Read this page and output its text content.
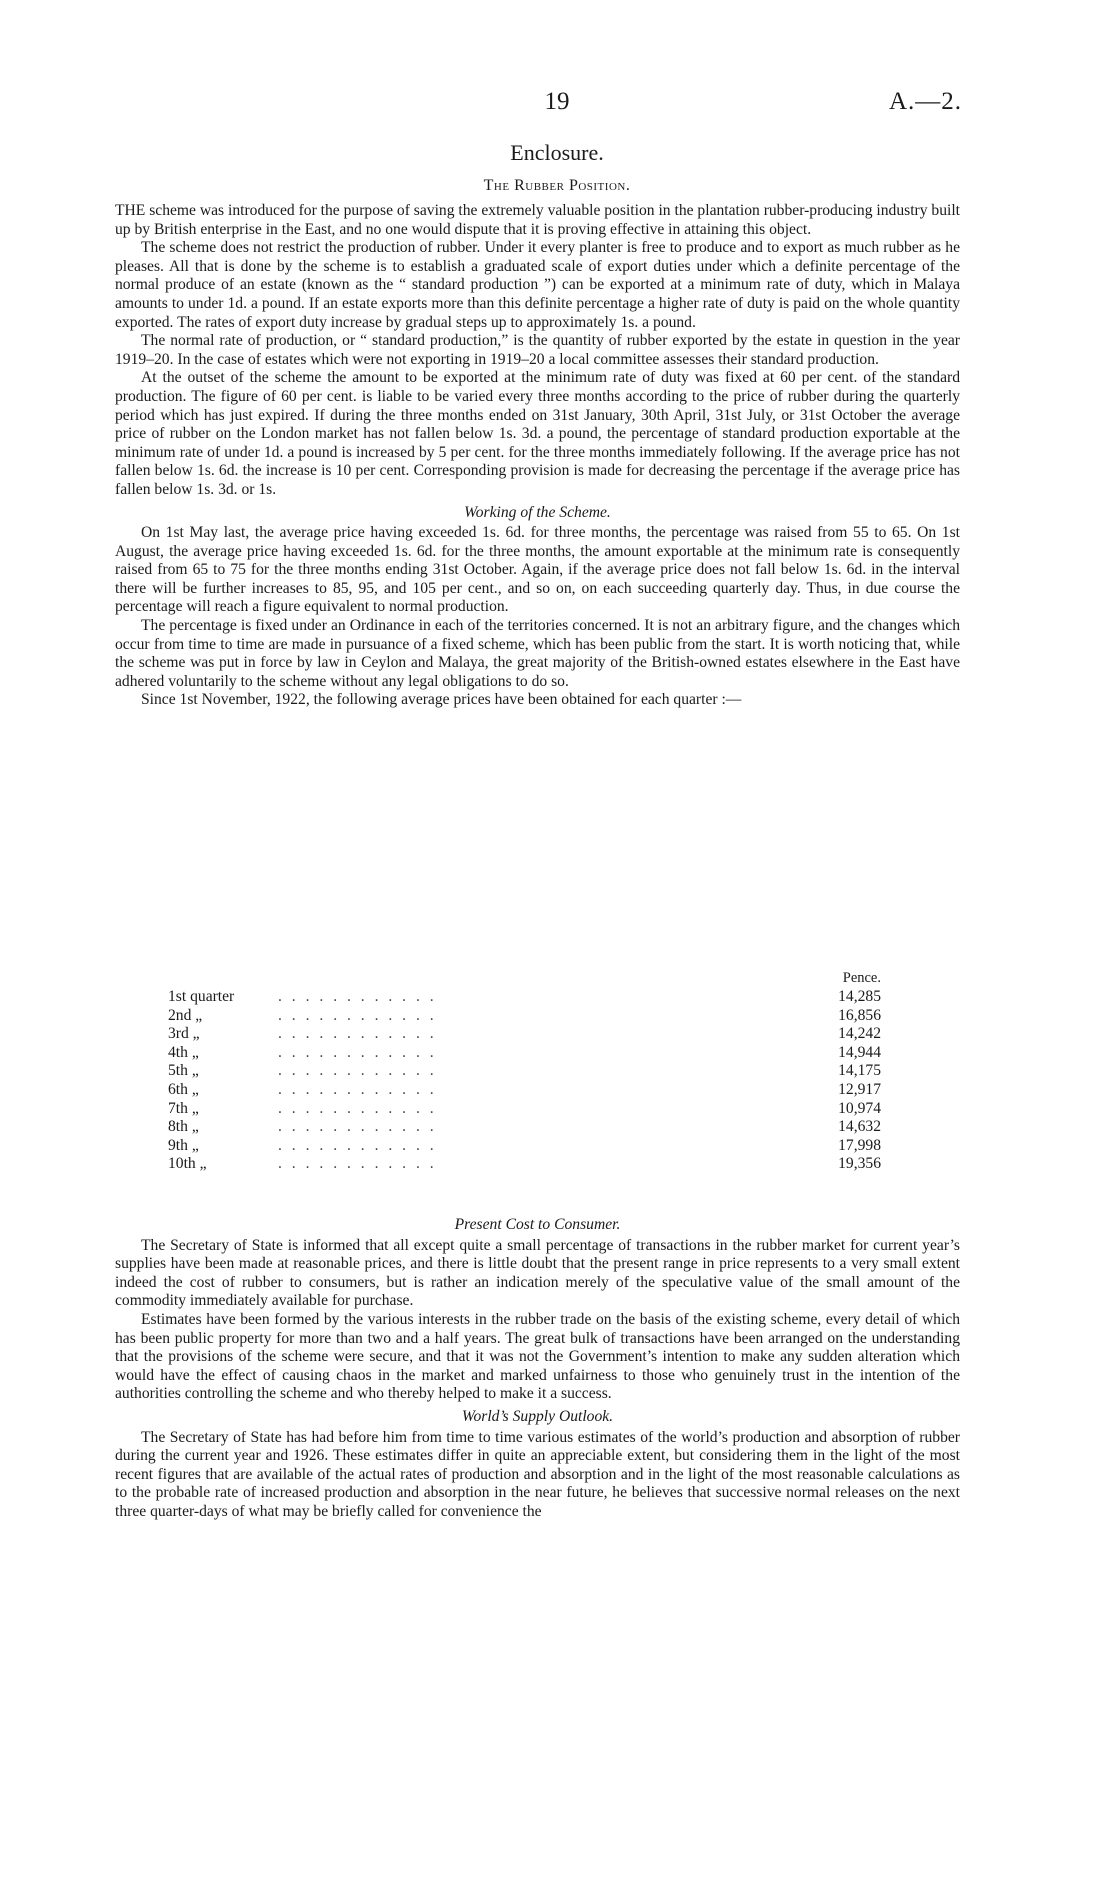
19	A.—2.
Enclosure.
The Rubber Position.

THE scheme was introduced for the purpose of saving the extremely valuable position in the plantation rubber-producing industry built up by British enterprise in the East, and no one would dispute that it is proving effective in attaining this object.

The scheme does not restrict the production of rubber. Under it every planter is free to produce and to export as much rubber as he pleases. All that is done by the scheme is to establish a graduated scale of export duties under which a definite percentage of the normal produce of an estate (known as the “ standard production ”) can be exported at a minimum rate of duty, which in Malaya amounts to under 1d. a pound. If an estate exports more than this definite percentage a higher rate of duty is paid on the whole quantity exported. The rates of export duty increase by gradual steps up to approximately 1s. a pound.

The normal rate of production, or “ standard production,” is the quantity of rubber exported by the estate in question in the year 1919–20. In the case of estates which were not exporting in 1919–20 a local committee assesses their standard production.

At the outset of the scheme the amount to be exported at the minimum rate of duty was fixed at 60 per cent. of the standard production. The figure of 60 per cent. is liable to be varied every three months according to the price of rubber during the quarterly period which has just expired. If during the three months ended on 31st January, 30th April, 31st July, or 31st October the average price of rubber on the London market has not fallen below 1s. 3d. a pound, the percentage of standard production exportable at the minimum rate of under 1d. a pound is increased by 5 per cent. for the three months immediately following. If the average price has not fallen below 1s. 6d. the increase is 10 per cent. Corresponding provision is made for decreasing the percentage if the average price has fallen below 1s. 3d. or 1s.

Working of the Scheme.

On 1st May last, the average price having exceeded 1s. 6d. for three months, the percentage was raised from 55 to 65. On 1st August, the average price having exceeded 1s. 6d. for the three months, the amount exportable at the minimum rate is consequently raised from 65 to 75 for the three months ending 31st October. Again, if the average price does not fall below 1s. 6d. in the interval there will be further increases to 85, 95, and 105 per cent., and so on, on each succeeding quarterly day. Thus, in due course the percentage will reach a figure equivalent to normal production.

The percentage is fixed under an Ordinance in each of the territories concerned. It is not an arbitrary figure, and the changes which occur from time to time are made in pursuance of a fixed scheme, which has been public from the start. It is worth noticing that, while the scheme was put in force by law in Ceylon and Malaya, the great majority of the British-owned estates elsewhere in the East have adhered voluntarily to the scheme without any legal obligations to do so.

Since 1st November, 1922, the following average prices have been obtained for each quarter :—

Pence.		
1st quarter	. . . . . . . . . . . .	14,285
2nd „	. . . . . . . . . . . .	16,856
3rd „	. . . . . . . . . . . .	14,242
4th „	. . . . . . . . . . . .	14,944
5th „	. . . . . . . . . . . .	14,175
6th „	. . . . . . . . . . . .	12,917
7th „	. . . . . . . . . . . .	10,974
8th „	. . . . . . . . . . . .	14,632
9th „	. . . . . . . . . . . .	17,998
10th „	. . . . . . . . . . . .	19,356
Present Cost to Consumer.

The Secretary of State is informed that all except quite a small percentage of transactions in the rubber market for current year’s supplies have been made at reasonable prices, and there is little doubt that the present range in price represents to a very small extent indeed the cost of rubber to consumers, but is rather an indication merely of the speculative value of the small amount of the commodity immediately available for purchase.

Estimates have been formed by the various interests in the rubber trade on the basis of the existing scheme, every detail of which has been public property for more than two and a half years. The great bulk of transactions have been arranged on the understanding that the provisions of the scheme were secure, and that it was not the Government’s intention to make any sudden alteration which would have the effect of causing chaos in the market and marked unfairness to those who genuinely trust in the intention of the authorities controlling the scheme and who thereby helped to make it a success.

World’s Supply Outlook.

The Secretary of State has had before him from time to time various estimates of the world’s production and absorption of rubber during the current year and 1926. These estimates differ in quite an appreciable extent, but considering them in the light of the most recent figures that are available of the actual rates of production and absorption and in the light of the most reasonable calculations as to the probable rate of increased production and absorption in the near future, he believes that successive normal releases on the next three quarter-days of what may be briefly called for convenience the
